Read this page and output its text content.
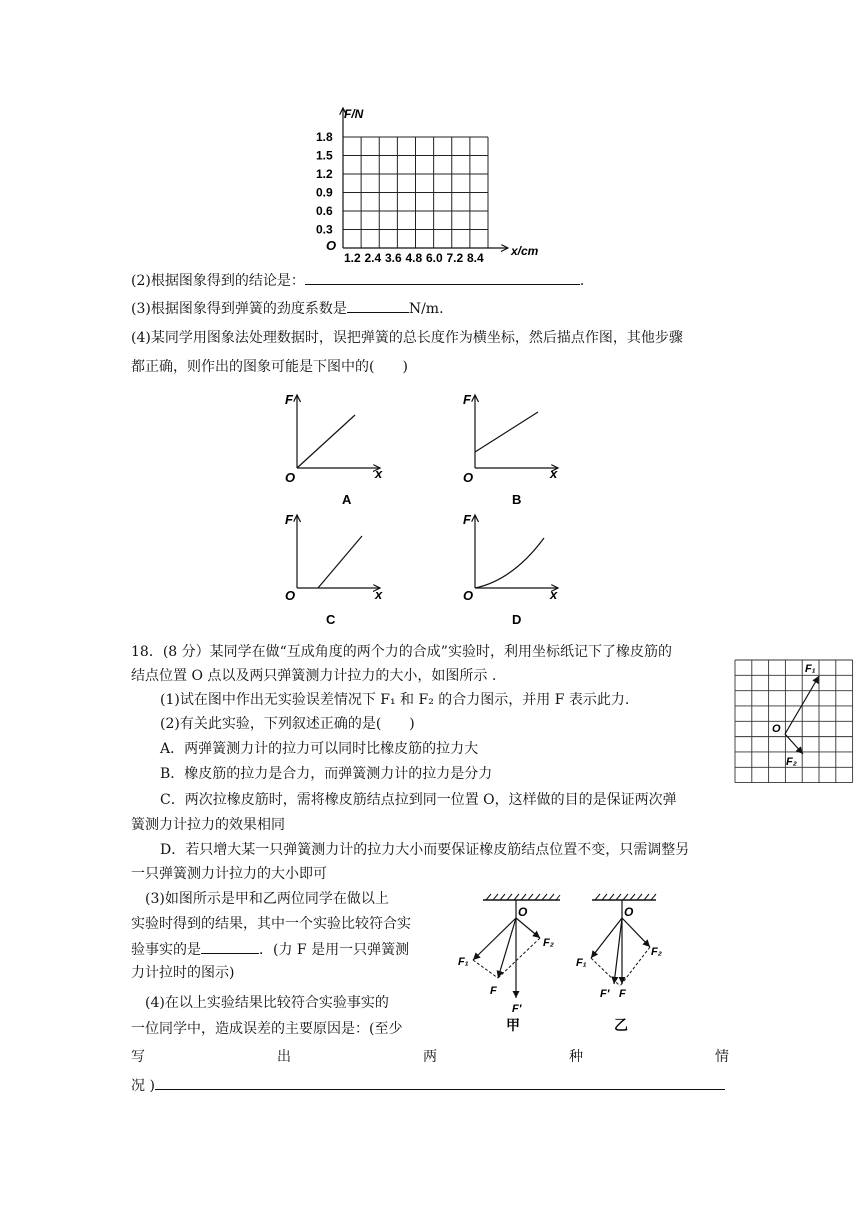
F/N
x/cm
O
1.8
1.5
1.2
0.9
0.6
0.3
1.2 2.4 3.6 4.8 6.0 7.2 8.4
(2)根据图象得到的结论是：	.
(3)根据图象得到弹簧的劲度系数是	N/m.
(4)某同学用图象法处理数据时，误把弹簧的总长度作为横坐标，然后描点作图，其他步骤
都正确，则作出的图象可能是下图中的(　　)
F
x
O
A
F
x
O
B
F
x
O
C
F
x
O
D
18．(8 分）某同学在做“互成角度的两个力的合成”实验时，利用坐标纸记下了橡皮筋的
结点位置 O 点以及两只弹簧测力计拉力的大小，如图所示 .
(1)试在图中作出无实验误差情况下 F₁ 和 F₂ 的合力图示，并用 F 表示此力.
(2)有关此实验，下列叙述正确的是(　　)
A．两弹簧测力计的拉力可以同时比橡皮筋的拉力大
B．橡皮筋的拉力是合力，而弹簧测力计的拉力是分力
C．两次拉橡皮筋时，需将橡皮筋结点拉到同一位置 O，这样做的目的是保证两次弹
簧测力计拉力的效果相同
D．若只增大某一只弹簧测力计的拉力大小而要保证橡皮筋结点位置不变，只需调整另
一只弹簧测力计拉力的大小即可
(3)如图所示是甲和乙两位同学在做以上
实验时得到的结果，其中一个实验比较符合实
验事实的是	．(力 F 是用一只弹簧测
力计拉时的图示)
(4)在以上实验结果比较符合实验事实的
一位同学中，造成误差的主要原因是：(至少
写	出	两	种	情
况 )
F₁
F₂
O
O
F₁
F₂
F
F′
甲
O
F₁
F₂
F′ F
乙
